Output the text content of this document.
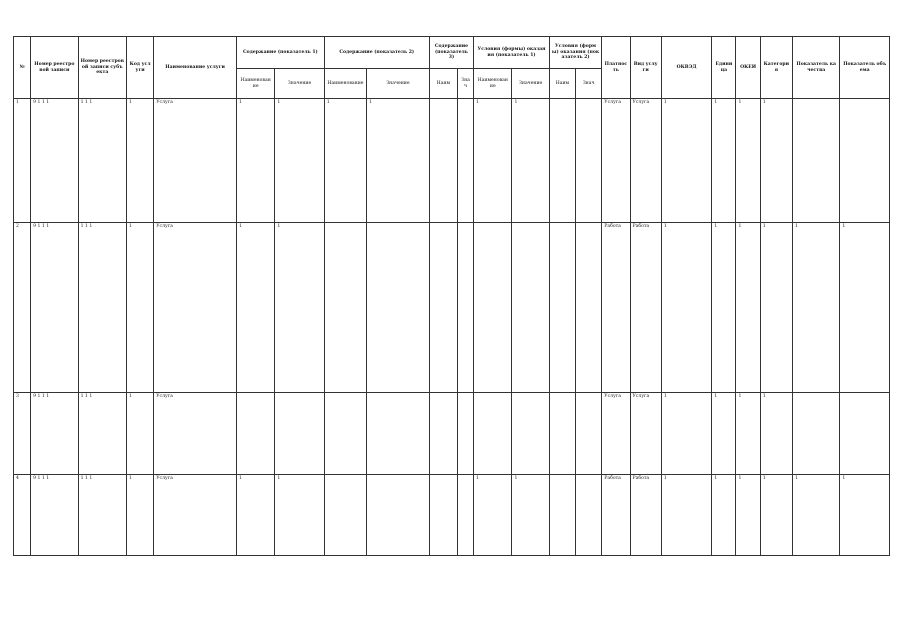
№	Номер реестровой записи	Номер реестровой записи субъекта	Код услуги	Наименование услуги	Содержание (показатель 1)		Содержание (показатель 2)		Содержание (показатель 3)		Условия (формы) оказания (показатель 1)		Условия (формы) оказания (показатель 2)		Платность	Вид услуги	ОКВЭД	Единица	ОКЕИ	Категория	Показатель качества	Показатель объема
					Наименование	Значение	Наименование	Значение	Наим	Знач	Наименование	Значение	Наим	Знач								
1	9 1 1 1	1 1 1	1	Услуга	1	1	1	1			1	1			Услуга	Услуга	1	1	1	1		
2	9 1 1 1	1 1 1	1	Услуга	1	1									Работа	Работа	1	1	1	1	1	1
3	9 1 1 1	1 1 1	1	Услуга											Услуга	Услуга	1	1	1	1		
4	9 1 1 1	1 1 1	1	Услуга	1	1					1	1			Работа	Работа	1	1	1	1	1	1
